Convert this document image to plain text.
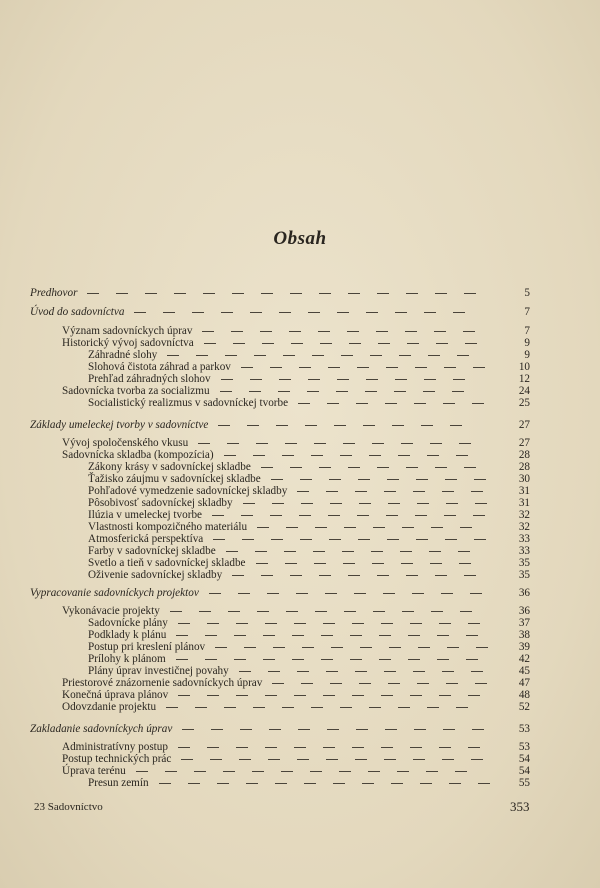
Obsah
Predhovor	5
Úvod do sadovníctva	7
Význam sadovníckych úprav	7
Historický vývoj sadovníctva	9
Záhradné slohy	9
Slohová čistota záhrad a parkov	10
Prehľad záhradných slohov	12
Sadovnícka tvorba za socializmu	24
Socialistický realizmus v sadovníckej tvorbe	25
Základy umeleckej tvorby v sadovníctve	27
Vývoj spoločenského vkusu	27
Sadovnícka skladba (kompozícia)	28
Zákony krásy v sadovníckej skladbe	28
Ťažisko záujmu v sadovníckej skladbe	30
Pohľadové vymedzenie sadovníckej skladby	31
Pôsobivosť sadovníckej skladby	31
Ilúzia v umeleckej tvorbe	32
Vlastnosti kompozičného materiálu	32
Atmosferická perspektíva	33
Farby v sadovníckej skladbe	33
Svetlo a tieň v sadovníckej skladbe	35
Oživenie sadovníckej skladby	35
Vypracovanie sadovníckych projektov	36
Vykonávacie projekty	36
Sadovnícke plány	37
Podklady k plánu	38
Postup pri kreslení plánov	39
Prílohy k plánom	42
Plány úprav investičnej povahy	45
Priestorové znázornenie sadovníckych úprav	47
Konečná úprava plánov	48
Odovzdanie projektu	52
Zakladanie sadovníckych úprav	53
Administratívny postup	53
Postup technických prác	54
Úprava terénu	54
Presun zemín	55
23 Sadovníctvo	353
